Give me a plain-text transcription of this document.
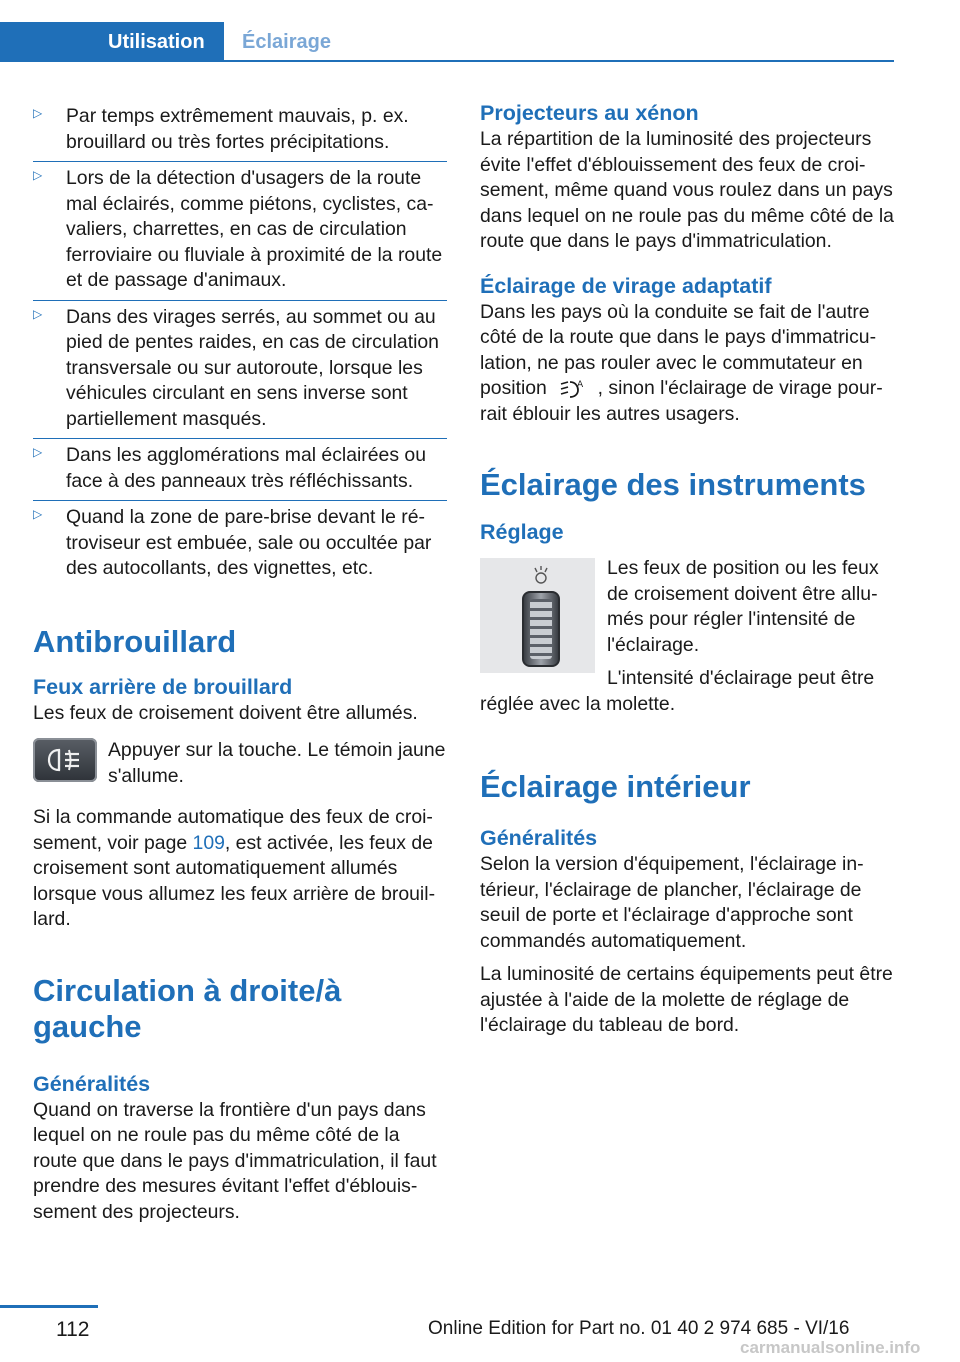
Utilisation	Éclairage
▷ Par temps extrêmement mauvais, p. ex. brouillard ou très fortes précipitations.
▷ Lors de la détection d'usagers de la route mal éclairés, comme piétons, cyclistes, cavaliers, charrettes, en cas de circulation ferroviaire ou fluviale à proximité de la route et de passage d'animaux.
▷ Dans des virages serrés, au sommet ou au pied de pentes raides, en cas de circulation transversale ou sur autoroute, lorsque les véhicules circulant en sens inverse sont partiellement masqués.
▷ Dans les agglomérations mal éclairées ou face à des panneaux très réfléchissants.
▷ Quand la zone de pare-brise devant le rétroviseur est embuée, sale ou occultée par des autocollants, des vignettes, etc.
Antibrouillard
Feux arrière de brouillard

Les feux de croisement doivent être allumés.

Appuyer sur la touche. Le témoin jaune s'allume.

Si la commande automatique des feux de croisement, voir page 109, est activée, les feux de croisement sont automatiquement allumés lorsque vous allumez les feux arrière de brouillard.

Circulation à droite/à gauche
Généralités

Quand on traverse la frontière d'un pays dans lequel on ne roule pas du même côté de la route que dans le pays d'immatriculation, il faut prendre des mesures évitant l'effet d'éblouissement des projecteurs.

Projecteurs au xénon

La répartition de la luminosité des projecteurs évite l'effet d'éblouissement des feux de croisement, même quand vous roulez dans un pays dans lequel on ne roule pas du même côté de la route que dans le pays d'immatriculation.

Éclairage de virage adaptatif

Dans les pays où la conduite se fait de l'autre côté de la route que dans le pays d'immatriculation, ne pas rouler avec le commutateur en position	A , sinon l'éclairage de virage pourrait éblouir les autres usagers.

Éclairage des instruments
Réglage

Les feux de position ou les feux de croisement doivent être allumés pour régler l'intensité de l'éclairage.

L'intensité d'éclairage peut être réglée avec la molette.

Éclairage intérieur
Généralités

Selon la version d'équipement, l'éclairage intérieur, l'éclairage de plancher, l'éclairage de seuil de porte et l'éclairage d'approche sont commandés automatiquement.

La luminosité de certains équipements peut être ajustée à l'aide de la molette de réglage de l'éclairage du tableau de bord.

112	Online Edition for Part no. 01 40 2 974 685 - VI/16
carmanualsonline.info
